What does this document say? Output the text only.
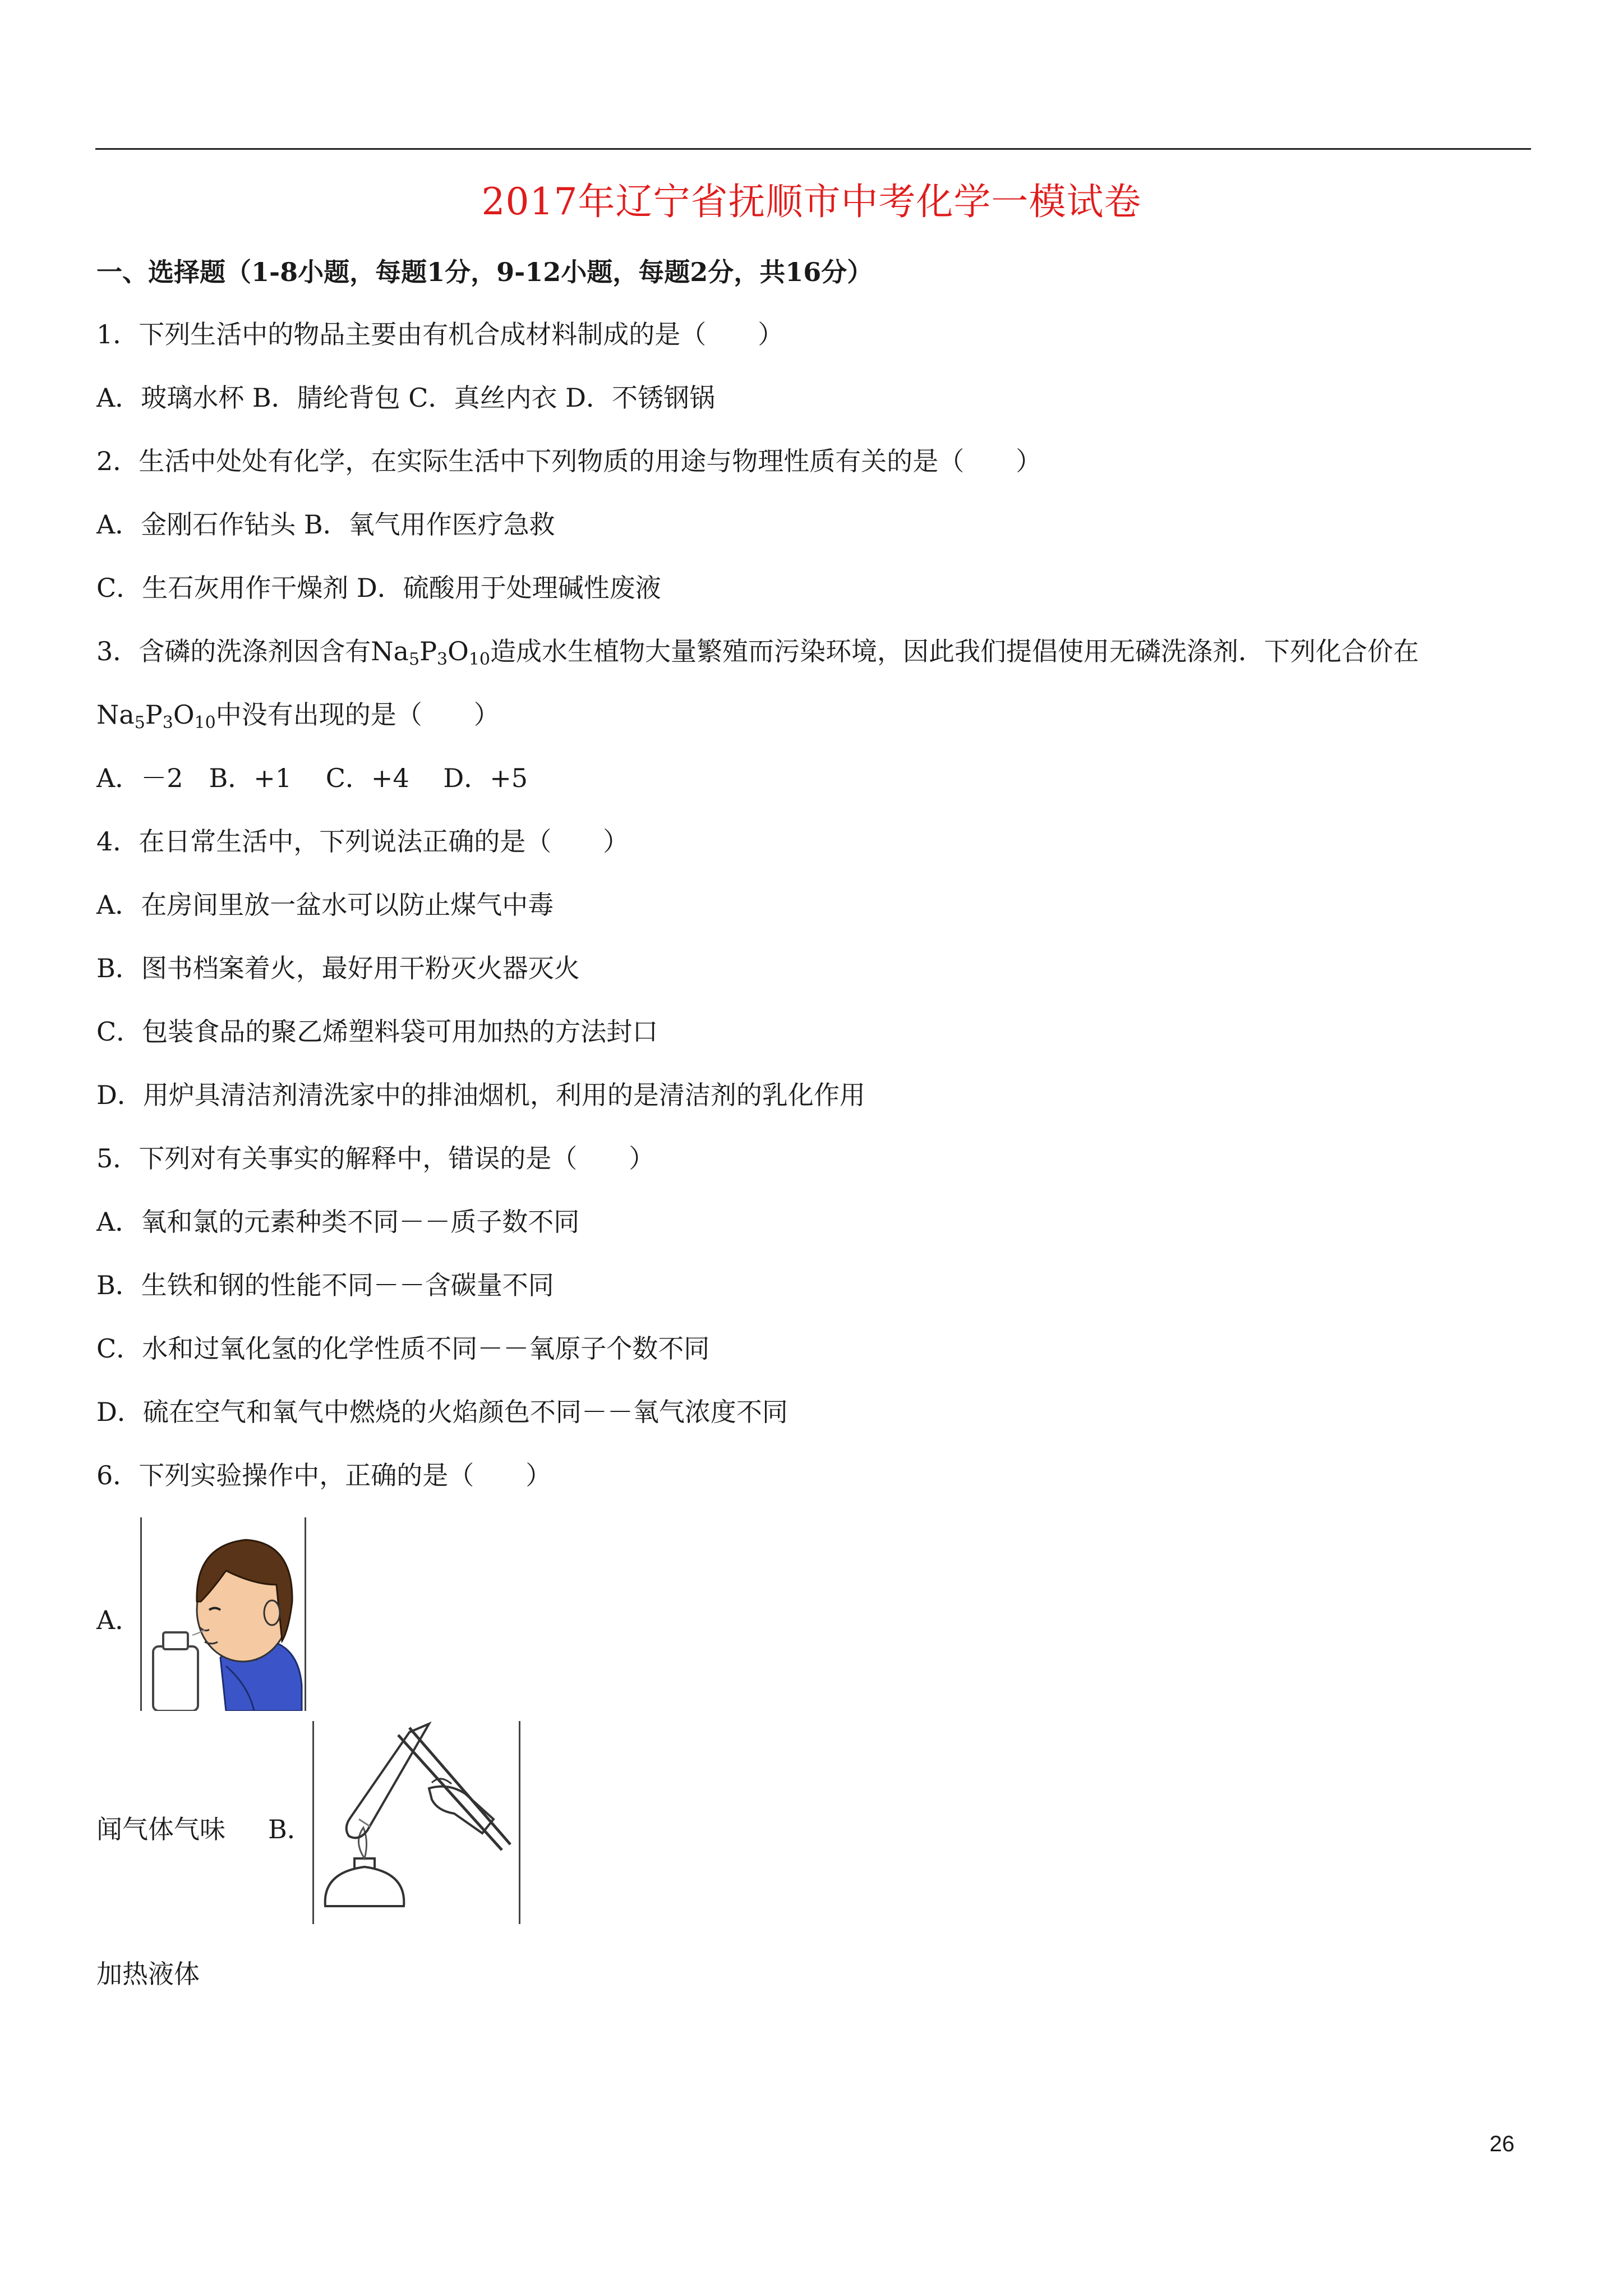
2017年辽宁省抚顺市中考化学一模试卷
一、选择题（1-8小题，每题1分，9-12小题，每题2分，共16分）
1．下列生活中的物品主要由有机合成材料制成的是（　　）
A．玻璃水杯 B．腈纶背包 C．真丝内衣 D．不锈钢锅
2．生活中处处有化学，在实际生活中下列物质的用途与物理性质有关的是（　　）
A．金刚石作钻头 B．氧气用作医疗急救
C．生石灰用作干燥剂 D．硫酸用于处理碱性废液
3．含磷的洗涤剂因含有$Na_5P_3O_{10}$造成水生植物大量繁殖而污染环境，因此我们提倡使用无磷洗涤剂．下列化合价在
$Na_5P_3O_{10}$中没有出现的是（　　）
A．－2　B．+1　 C．+4　 D．+5
4．在日常生活中，下列说法正确的是（　　）
A．在房间里放一盆水可以防止煤气中毒
B．图书档案着火，最好用干粉灭火器灭火
C．包装食品的聚乙烯塑料袋可用加热的方法封口
D．用炉具清洁剂清洗家中的排油烟机，利用的是清洁剂的乳化作用
5．下列对有关事实的解释中，错误的是（　　）
A．氧和氯的元素种类不同－－质子数不同
B．生铁和钢的性能不同－－含碳量不同
C．水和过氧化氢的化学性质不同－－氧原子个数不同
D．硫在空气和氧气中燃烧的火焰颜色不同－－氧气浓度不同
6．下列实验操作中，正确的是（　　）
A．
闻气体气味 B．
加热液体
26
